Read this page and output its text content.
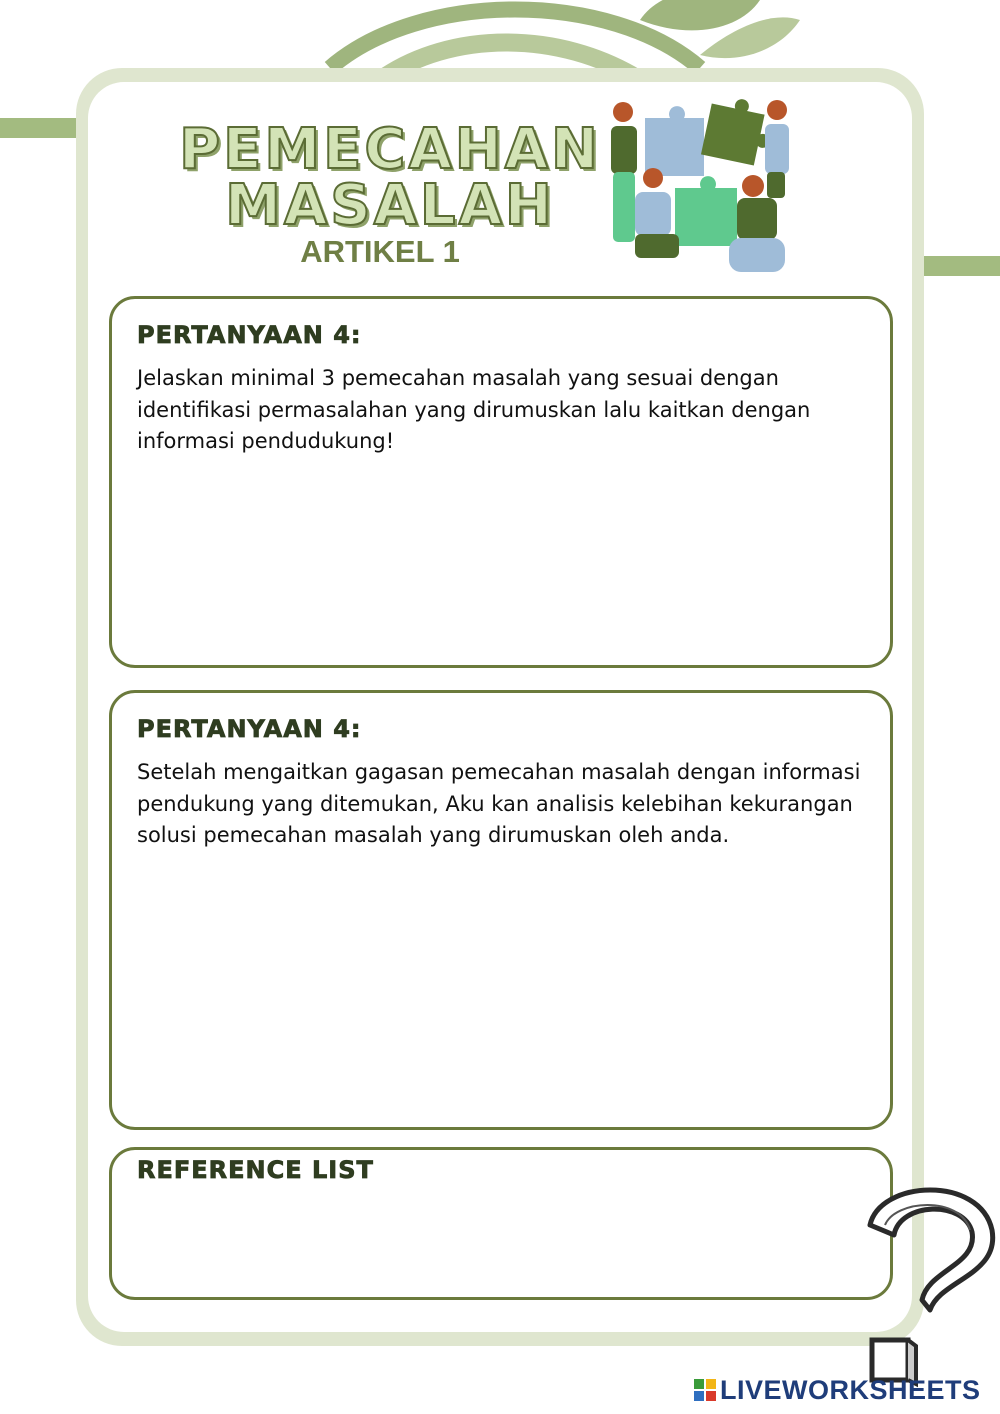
PEMECAHAN
MASALAH
ARTIKEL 1
PERTANYAAN 4:
Jelaskan minimal 3 pemecahan masalah yang sesuai dengan identifikasi permasalahan yang dirumuskan lalu kaitkan dengan informasi pendudukung!
PERTANYAAN 4:
Setelah mengaitkan gagasan pemecahan masalah dengan informasi pendukung yang ditemukan, Aku kan analisis kelebihan kekurangan solusi pemecahan masalah yang dirumuskan oleh anda.
REFERENCE LIST
LIVEWORKSHEETS
